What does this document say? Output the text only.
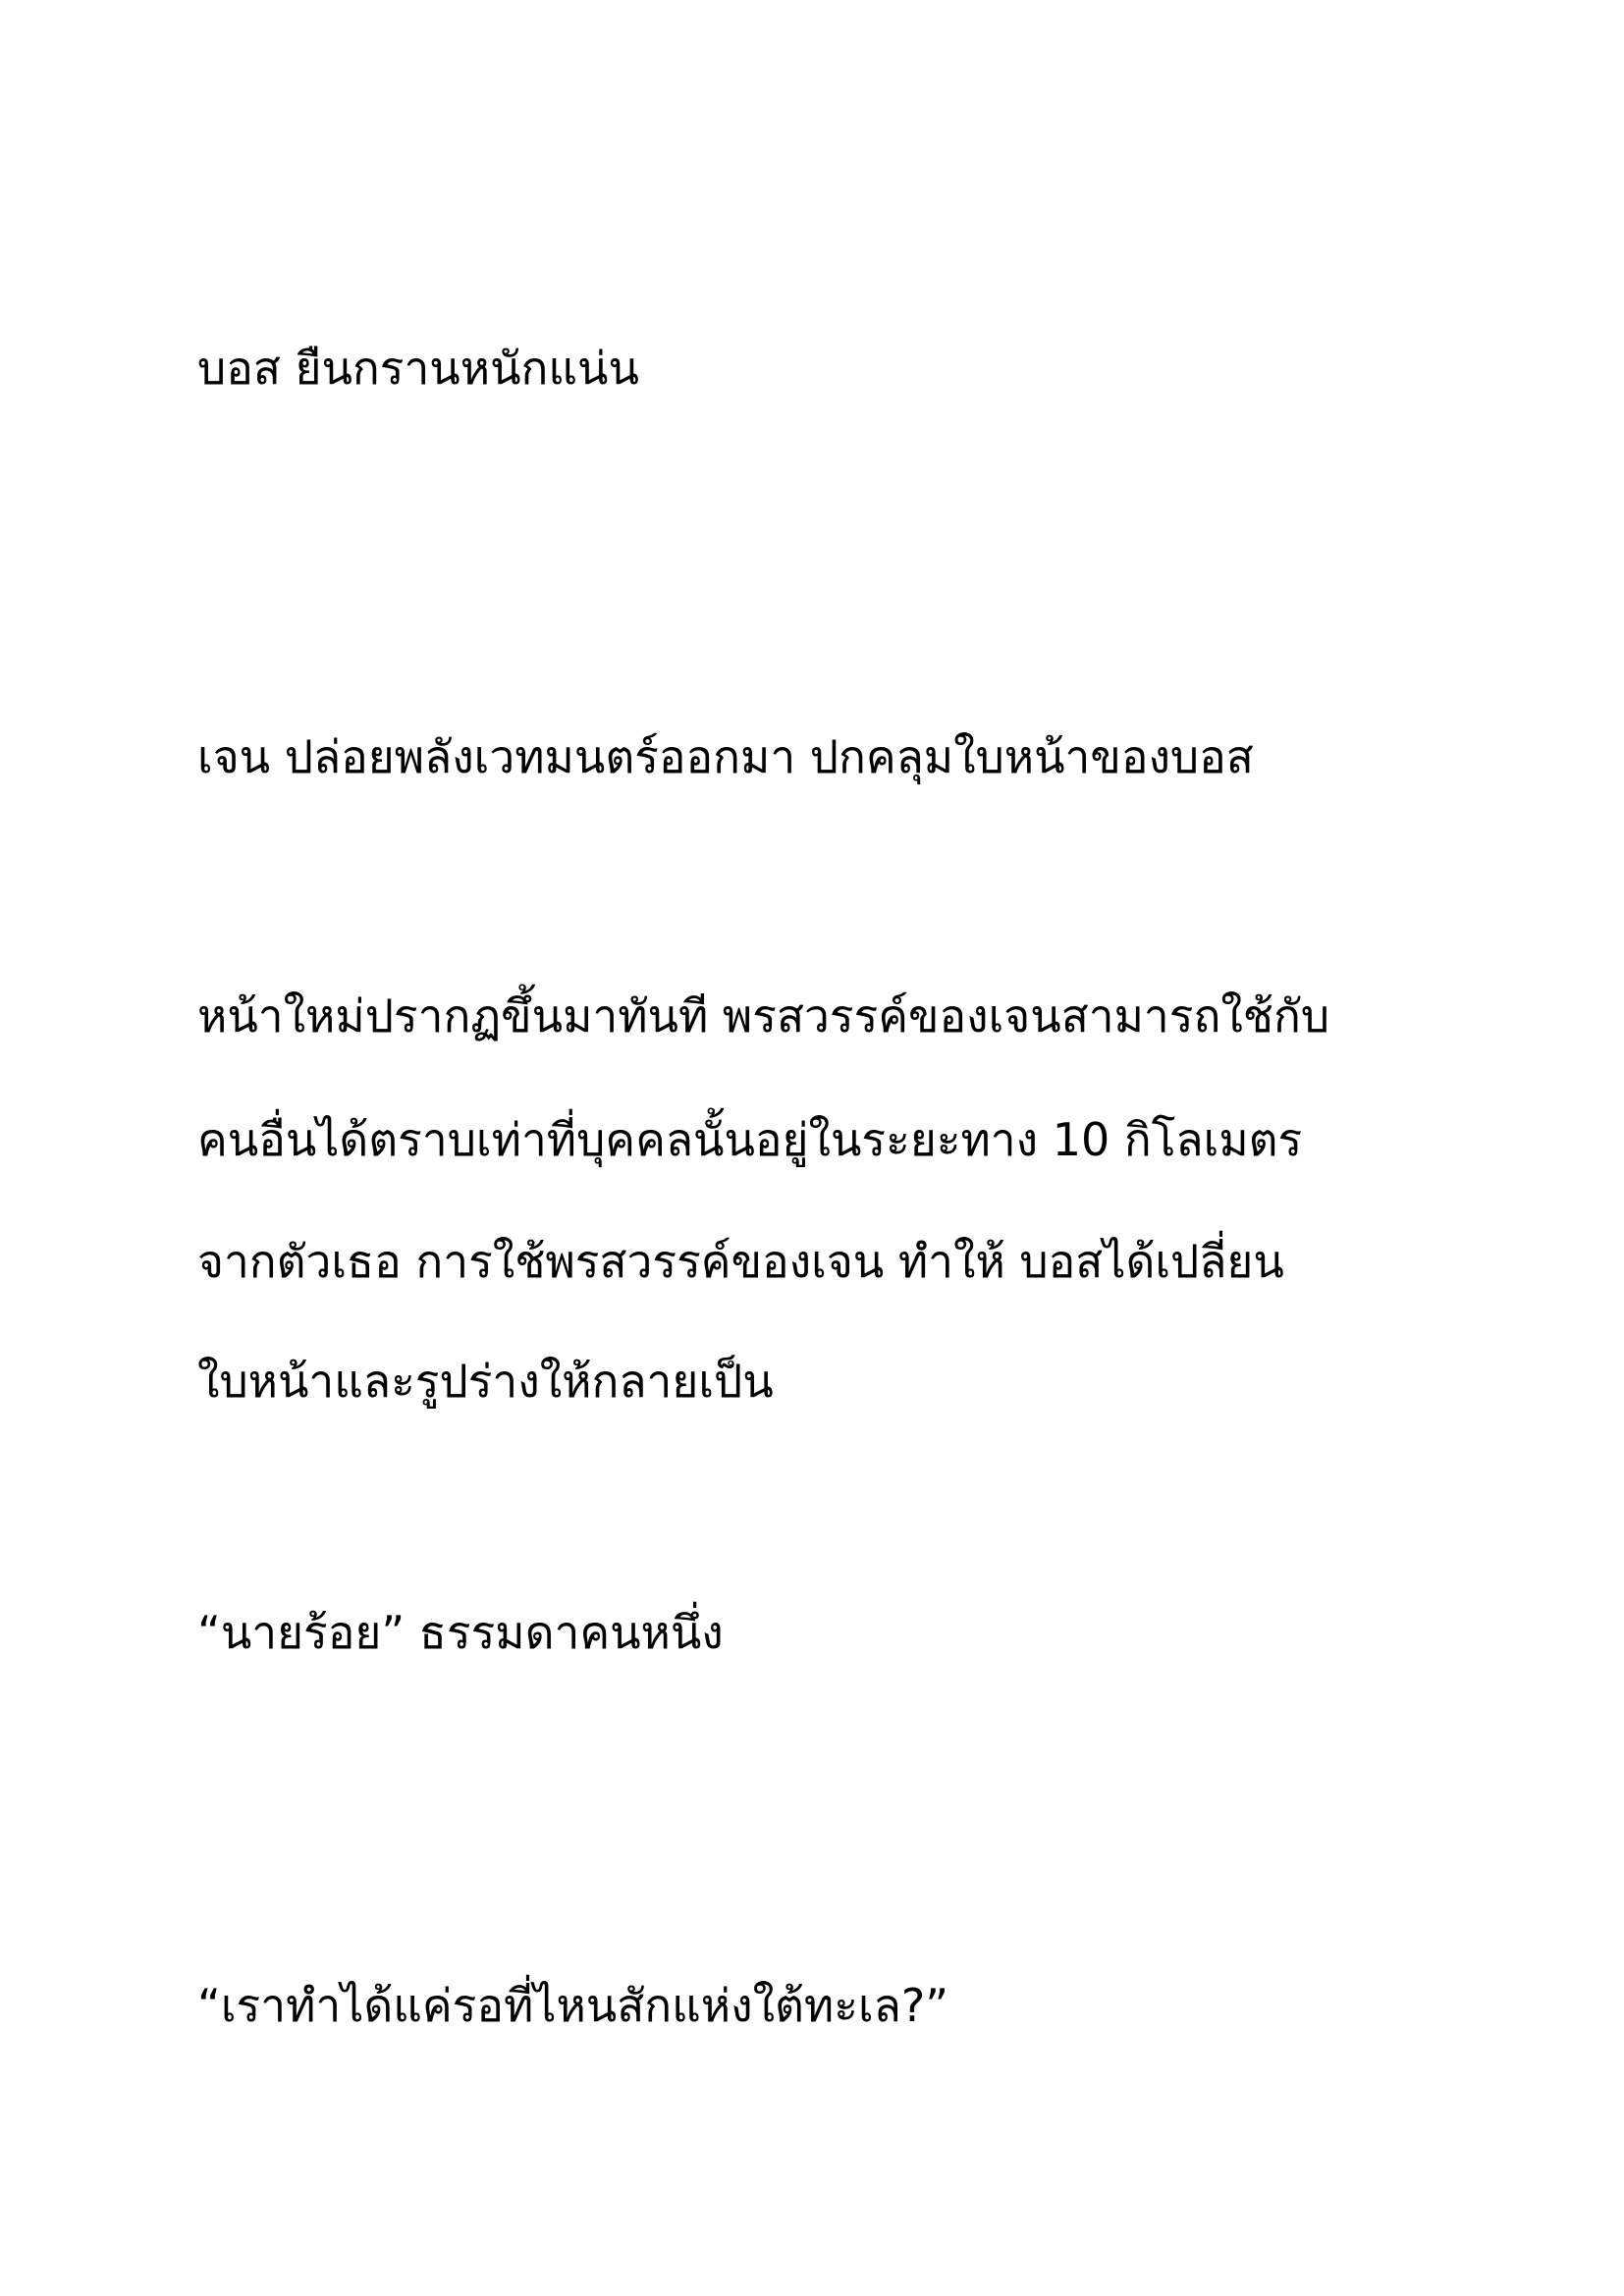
บอส ยืนกรานหนักแน่น

เจน ปล่อยพลังเวทมนตร์ออกมา ปกคลุมใบหน้าของบอส

หน้าใหม่ปรากฏขึ้นมาทันที พรสวรรค์ของเจนสามารถใช้กับ

คนอื่นได้ตราบเท่าที่บุคคลนั้นอยู่ในระยะทาง 10 กิโลเมตร

จากตัวเธอ การใช้พรสวรรค์ของเจน ทำให้ บอสได้เปลี่ยน

ใบหน้าและรูปร่างให้กลายเป็น

“นายร้อย” ธรรมดาคนหนึ่ง

“เราทำได้แค่รอที่ไหนสักแห่งใต้ทะเล?”
